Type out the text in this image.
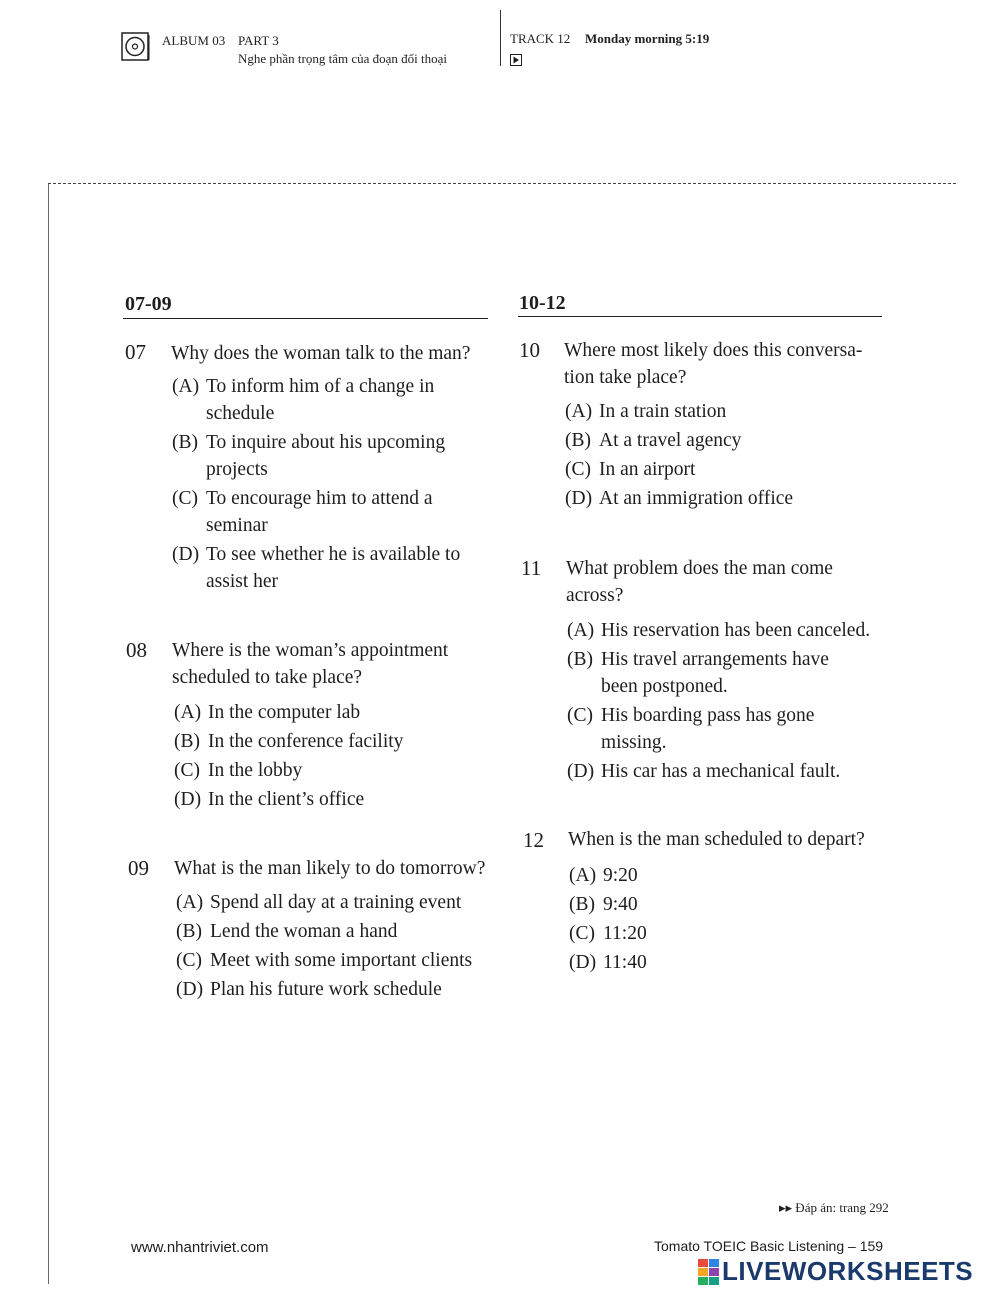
ALBUM 03 PART 3
Nghe phần trọng tâm của đoạn đối thoại
TRACK 12 Monday morning 5:19
07-09
07 Why does the woman talk to the man?
(A) To inform him of a change in
schedule
(B) To inquire about his upcoming
projects
(C) To encourage him to attend a
seminar
(D) To see whether he is available to
assist her
08 Where is the woman’s appointment
scheduled to take place?
(A) In the computer lab
(B) In the conference facility
(C) In the lobby
(D) In the client’s office
09 What is the man likely to do tomorrow?
(A) Spend all day at a training event
(B) Lend the woman a hand
(C) Meet with some important clients
(D) Plan his future work schedule
10-12
10 Where most likely does this conversa-
tion take place?
(A) In a train station
(B) At a travel agency
(C) In an airport
(D) At an immigration office
11 What problem does the man come
across?
(A) His reservation has been canceled.
(B) His travel arrangements have
been postponed.
(C) His boarding pass has gone
missing.
(D) His car has a mechanical fault.
12 When is the man scheduled to depart?
(A) 9:20
(B) 9:40
(C) 11:20
(D) 11:40
▸▸ Đáp án: trang 292
www.nhantriviet.com	Tomato TOEIC Basic Listening – 159
LIVEWORKSHEETS
